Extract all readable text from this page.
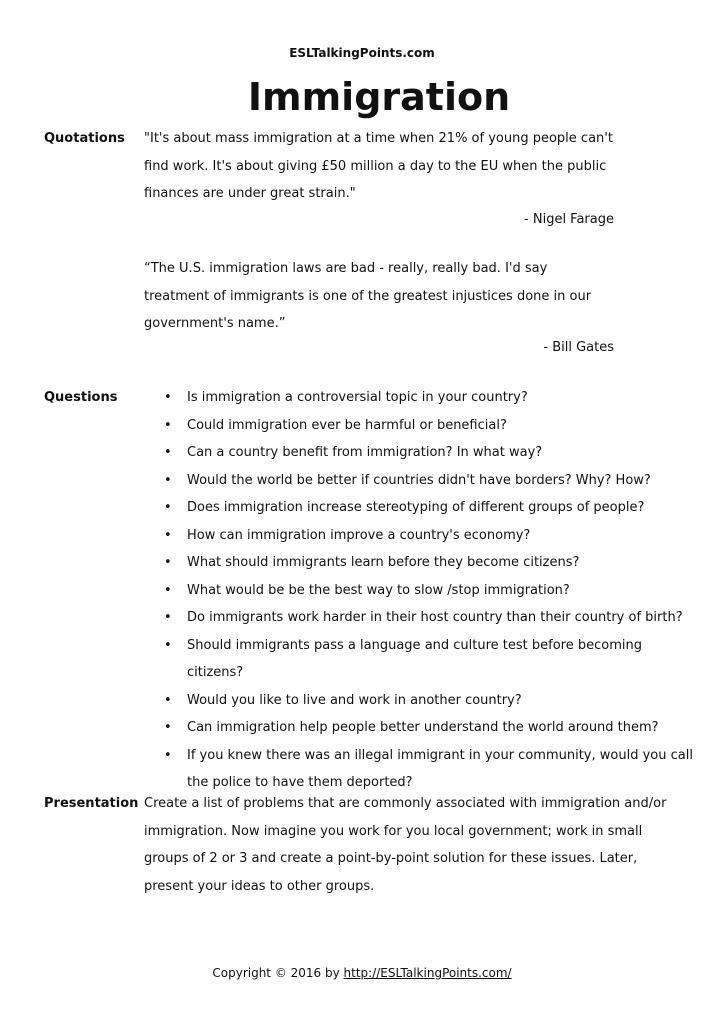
ESLTalkingPoints.com
Immigration
Quotations "It's about mass immigration at a time when 21% of young people can't find work. It's about giving £50 million a day to the EU when the public finances are under great strain."

- Nigel Farage

“The U.S. immigration laws are bad - really, really bad. I'd say treatment of immigrants is one of the greatest injustices done in our government's name.”

- Bill Gates

Questions
•	Is immigration a controversial topic in your country?
• Could immigration ever be harmful or beneficial?
• Can a country benefit from immigration? In what way?
• Would the world be better if countries didn't have borders? Why? How?
• Does immigration increase stereotyping of different groups of people?
• How can immigration improve a country's economy?
• What should immigrants learn before they become citizens?
• What would be be the best way to slow /stop immigration?
• Do immigrants work harder in their host country than their country of birth?
• Should immigrants pass a language and culture test before becoming citizens?
• Would you like to live and work in another country?
• Can immigration help people better understand the world around them?
• If you knew there was an illegal immigrant in your community, would you call the police to have them deported?
Presentation Create a list of problems that are commonly associated with immigration and/or immigration. Now imagine you work for you local government; work in small groups of 2 or 3 and create a point-by-point solution for these issues. Later, present your ideas to other groups.

Copyright © 2016 by http://ESLTalkingPoints.com/
